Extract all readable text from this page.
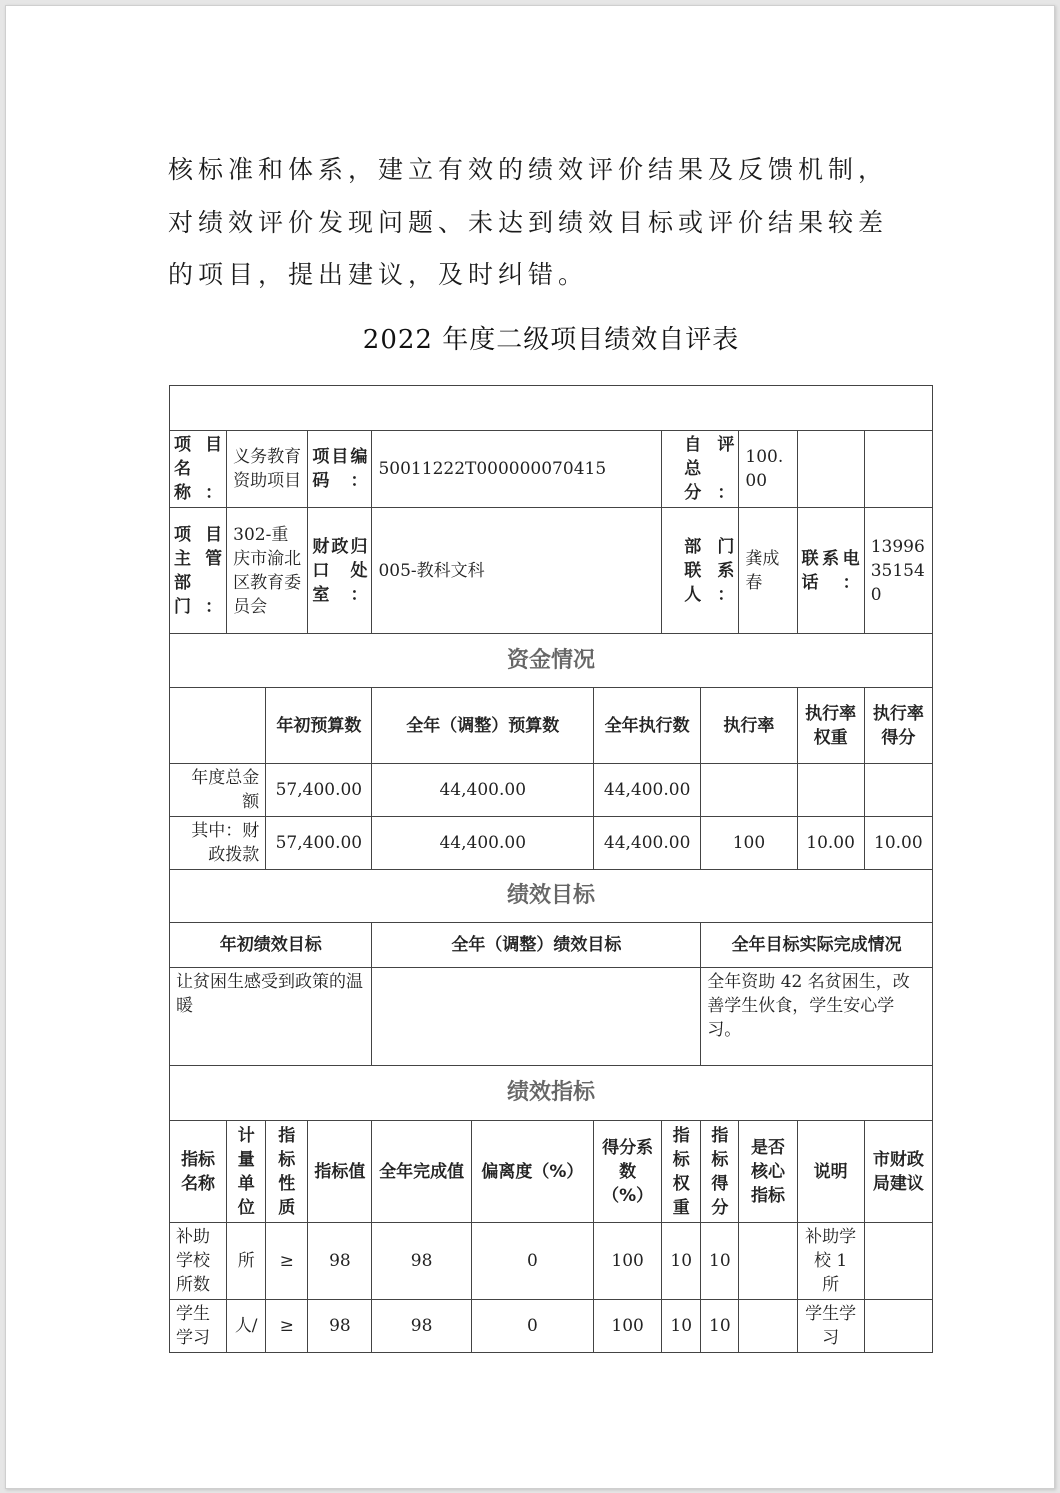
核标准和体系，建立有效的绩效评价结果及反馈机制，对绩效评价发现问题、未达到绩效目标或评价结果较差的项目，提出建议，及时纠错。

2022 年度二级项目绩效自评表

项目名称：	义务教育资助项目		项目编码：	50011222T000000070415			自评总分：		100.00		
项目主管部门：	302-重庆市渝北区教育委员会		财政归口处室：	005-教科文科			部门联系人：		龚成春	联系电话：	13996351540
资金情况											
		年初预算数		全年（调整）预算数		全年执行数		执行率		执行率权重	执行率得分
年度总金额		57,400.00		44,400.00		44,400.00					
其中：财政拨款		57,400.00		44,400.00		44,400.00		100		10.00	10.00
绩效目标											
年初绩效目标				全年（调整）绩效目标				全年目标实际完成情况			
让贫困生感受到政策的温暖								全年资助 42 名贫困生，改善学生伙食，学生安心学习。			
绩效指标											
指标名称	计量单位	指标性质	指标值	全年完成值	偏离度（%）	得分系数（%）	指标权重	指标得分	是否核心指标	说明	市财政局建议
补助学校所数	所	≥	98	98	0	100	10	10		补助学校 1 所	
学生学习	人/	≥	98	98	0	100	10	10		学生学习	
